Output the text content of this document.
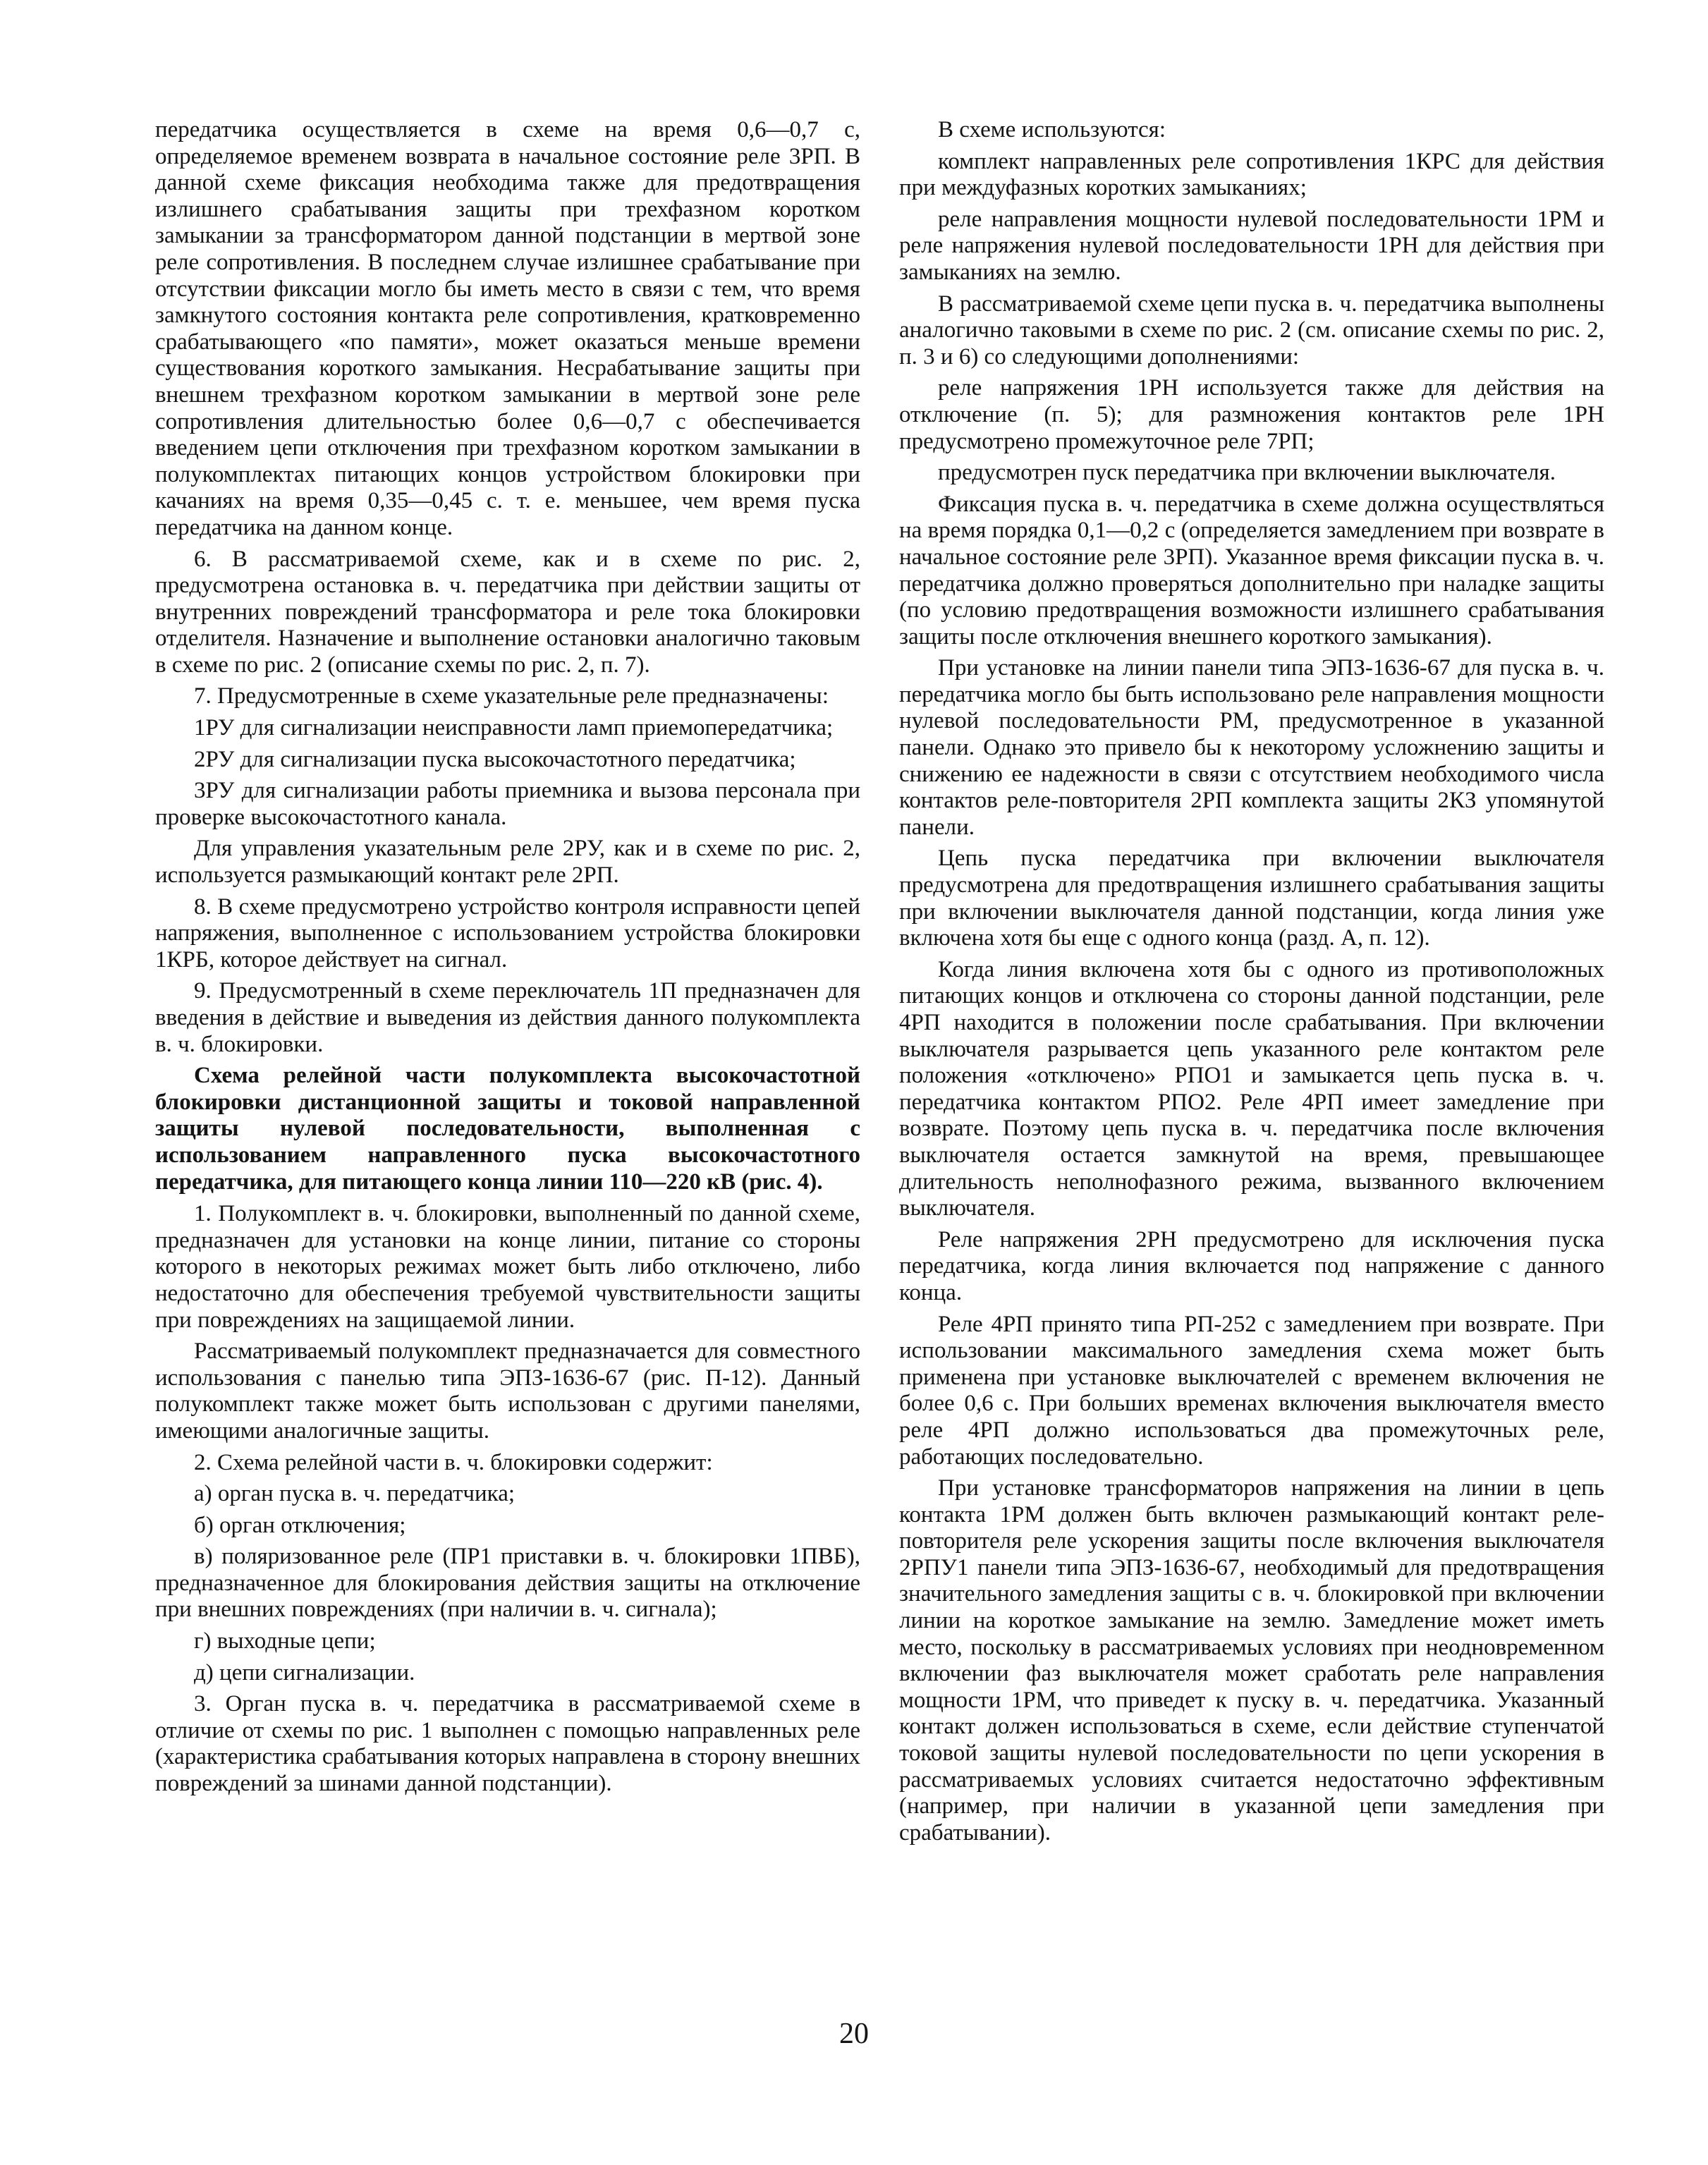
передатчика осуществляется в схеме на время 0,6—0,7 с, определяемое временем возврата в начальное состояние реле 3РП. В данной схеме фиксация необходима также для предотвращения излишнего срабатывания защиты при трехфазном коротком замыкании за трансформатором данной подстанции в мертвой зоне реле сопротивления. В последнем случае излишнее срабатывание при отсутствии фиксации могло бы иметь место в связи с тем, что время замкнутого состояния контакта реле сопротивления, кратковременно срабатывающего «по памяти», может оказаться меньше времени существования короткого замыкания. Несрабатывание защиты при внешнем трехфазном коротком замыкании в мертвой зоне реле сопротивления длительностью более 0,6—0,7 с обеспечивается введением цепи отключения при трехфазном коротком замыкании в полукомплектах питающих концов устройством блокировки при качаниях на время 0,35—0,45 с. т. е. меньшее, чем время пуска передатчика на данном конце.

6. В рассматриваемой схеме, как и в схеме по рис. 2, предусмотрена остановка в. ч. передатчика при действии защиты от внутренних повреждений трансформатора и реле тока блокировки отделителя. Назначение и выполнение остановки аналогично таковым в схеме по рис. 2 (описание схемы по рис. 2, п. 7).

7. Предусмотренные в схеме указательные реле предназначены:

1РУ для сигнализации неисправности ламп приемопередатчика;

2РУ для сигнализации пуска высокочастотного передатчика;

3РУ для сигнализации работы приемника и вызова персонала при проверке высокочастотного канала.

Для управления указательным реле 2РУ, как и в схеме по рис. 2, используется размыкающий контакт реле 2РП.

8. В схеме предусмотрено устройство контроля исправности цепей напряжения, выполненное с использованием устройства блокировки 1КРБ, которое действует на сигнал.

9. Предусмотренный в схеме переключатель 1П предназначен для введения в действие и выведения из действия данного полукомплекта в. ч. блокировки.

Схема релейной части полукомплекта высокочастотной блокировки дистанционной защиты и токовой направленной защиты нулевой последовательности, выполненная с использованием направленного пуска высокочастотного передатчика, для питающего конца линии 110—220 кВ (рис. 4).

1. Полукомплект в. ч. блокировки, выполненный по данной схеме, предназначен для установки на конце линии, питание со стороны которого в некоторых режимах может быть либо отключено, либо недостаточно для обеспечения требуемой чувствительности защиты при повреждениях на защищаемой линии.

Рассматриваемый полукомплект предназначается для совместного использования с панелью типа ЭПЗ-1636-67 (рис. П-12). Данный полукомплект также может быть использован с другими панелями, имеющими аналогичные защиты.

2. Схема релейной части в. ч. блокировки содержит:

а) орган пуска в. ч. передатчика;

б) орган отключения;

в) поляризованное реле (ПР1 приставки в. ч. блокировки 1ПВБ), предназначенное для блокирования действия защиты на отключение при внешних повреждениях (при наличии в. ч. сигнала);

г) выходные цепи;

д) цепи сигнализации.

3. Орган пуска в. ч. передатчика в рассматриваемой схеме в отличие от схемы по рис. 1 выполнен с помощью направленных реле (характеристика срабатывания которых направлена в сторону внешних повреждений за шинами данной подстанции).

В схеме используются:

комплект направленных реле сопротивления 1КРС для действия при междуфазных коротких замыканиях;

реле направления мощности нулевой последовательности 1РМ и реле напряжения нулевой последовательности 1РН для действия при замыканиях на землю.

В рассматриваемой схеме цепи пуска в. ч. передатчика выполнены аналогично таковыми в схеме по рис. 2 (см. описание схемы по рис. 2, п. 3 и 6) со следующими дополнениями:

реле напряжения 1РН используется также для действия на отключение (п. 5); для размножения контактов реле 1РН предусмотрено промежуточное реле 7РП;

предусмотрен пуск передатчика при включении выключателя.

Фиксация пуска в. ч. передатчика в схеме должна осуществляться на время порядка 0,1—0,2 с (определяется замедлением при возврате в начальное состояние реле 3РП). Указанное время фиксации пуска в. ч. передатчика должно проверяться дополнительно при наладке защиты (по условию предотвращения возможности излишнего срабатывания защиты после отключения внешнего короткого замыкания).

При установке на линии панели типа ЭПЗ-1636-67 для пуска в. ч. передатчика могло бы быть использовано реле направления мощности нулевой последовательности РМ, предусмотренное в указанной панели. Однако это привело бы к некоторому усложнению защиты и снижению ее надежности в связи с отсутствием необходимого числа контактов реле-повторителя 2РП комплекта защиты 2КЗ упомянутой панели.

Цепь пуска передатчика при включении выключателя предусмотрена для предотвращения излишнего срабатывания защиты при включении выключателя данной подстанции, когда линия уже включена хотя бы еще с одного конца (разд. А, п. 12).

Когда линия включена хотя бы с одного из противоположных питающих концов и отключена со стороны данной подстанции, реле 4РП находится в положении после срабатывания. При включении выключателя разрывается цепь указанного реле контактом реле положения «отключено» РПО1 и замыкается цепь пуска в. ч. передатчика контактом РПО2. Реле 4РП имеет замедление при возврате. Поэтому цепь пуска в. ч. передатчика после включения выключателя остается замкнутой на время, превышающее длительность неполнофазного режима, вызванного включением выключателя.

Реле напряжения 2РН предусмотрено для исключения пуска передатчика, когда линия включается под напряжение с данного конца.

Реле 4РП принято типа РП-252 с замедлением при возврате. При использовании максимального замедления схема может быть применена при установке выключателей с временем включения не более 0,6 с. При больших временах включения выключателя вместо реле 4РП должно использоваться два промежуточных реле, работающих последовательно.

При установке трансформаторов напряжения на линии в цепь контакта 1РМ должен быть включен размыкающий контакт реле-повторителя реле ускорения защиты после включения выключателя 2РПУ1 панели типа ЭПЗ-1636-67, необходимый для предотвращения значительного замедления защиты с в. ч. блокировкой при включении линии на короткое замыкание на землю. Замедление может иметь место, поскольку в рассматриваемых условиях при неодновременном включении фаз выключателя может сработать реле направления мощности 1РМ, что приведет к пуску в. ч. передатчика. Указанный контакт должен использоваться в схеме, если действие ступенчатой токовой защиты нулевой последовательности по цепи ускорения в рассматриваемых условиях считается недостаточно эффективным (например, при наличии в указанной цепи замедления при срабатывании).

20
